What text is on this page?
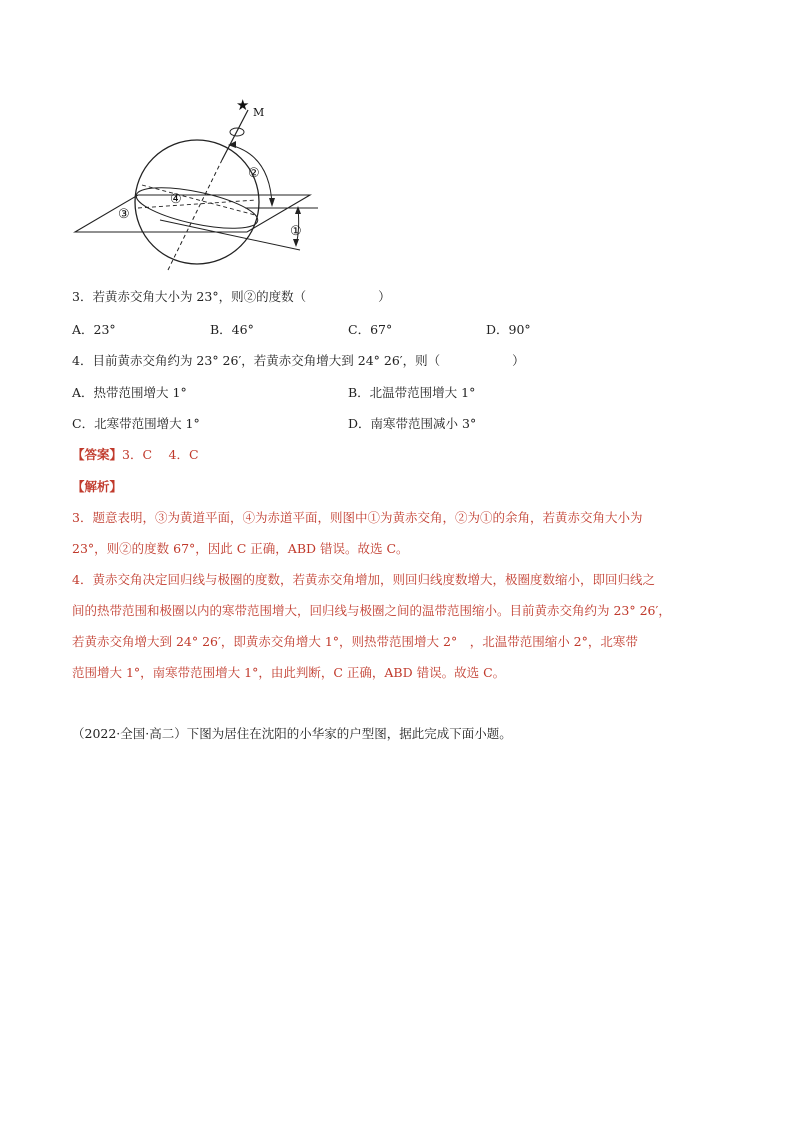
★ M
②
④
③
①
3．若黄赤交角大小为 23°，则②的度数（	）
A．23°	B．46°	C．67°	D．90°
4．目前黄赤交角约为 23° 26′，若黄赤交角增大到 24° 26′，则（	）
A．热带范围增大 1°	B．北温带范围增大 1°
C．北寒带范围增大 1°	D．南寒带范围减小 3°
【答案】3．C　 4．C
【解析】
3．题意表明，③为黄道平面，④为赤道平面，则图中①为黄赤交角，②为①的余角，若黄赤交角大小为
23°，则②的度数 67°，因此 C 正确，ABD 错误。故选 C。
4．黄赤交角决定回归线与极圈的度数，若黄赤交角增加，则回归线度数增大，极圈度数缩小，即回归线之
间的热带范围和极圈以内的寒带范围增大，回归线与极圈之间的温带范围缩小。目前黄赤交角约为 23° 26′，
若黄赤交角增大到 24° 26′，即黄赤交角增大 1°，则热带范围增大 2°　，北温带范围缩小 2°，北寒带
范围增大 1°，南寒带范围增大 1°，由此判断，C 正确，ABD 错误。故选 C。
（2022·全国·高二）下图为居住在沈阳的小华家的户型图，据此完成下面小题。
